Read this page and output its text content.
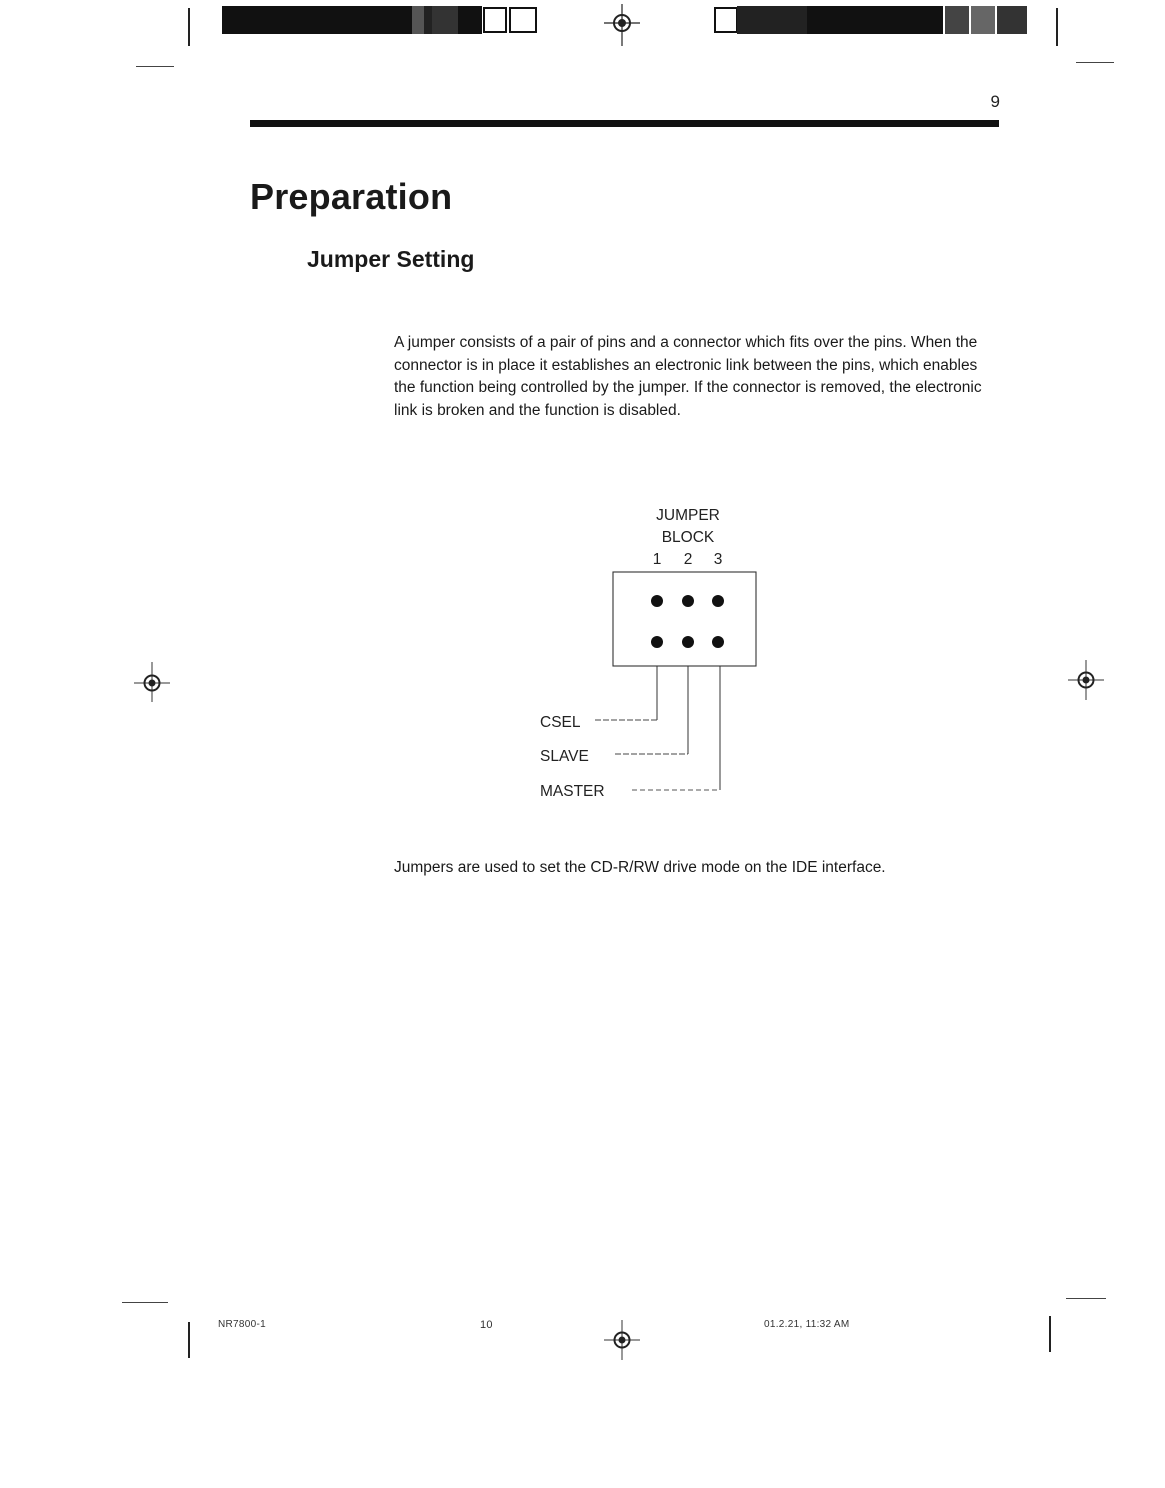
9
Preparation
Jumper Setting

A jumper consists of a pair of pins and a connector which fits over the pins. When the connector is in place it establishes an electronic link between the pins, which enables the function being controlled by the jumper. If the connector is removed, the electronic link is broken and the function is disabled.

JUMPER
BLOCK
1 2 3
CSEL
SLAVE
MASTER

Jumpers are used to set the CD-R/RW drive mode on the IDE interface.

NR7800-1	10	01.2.21, 11:32 AM
